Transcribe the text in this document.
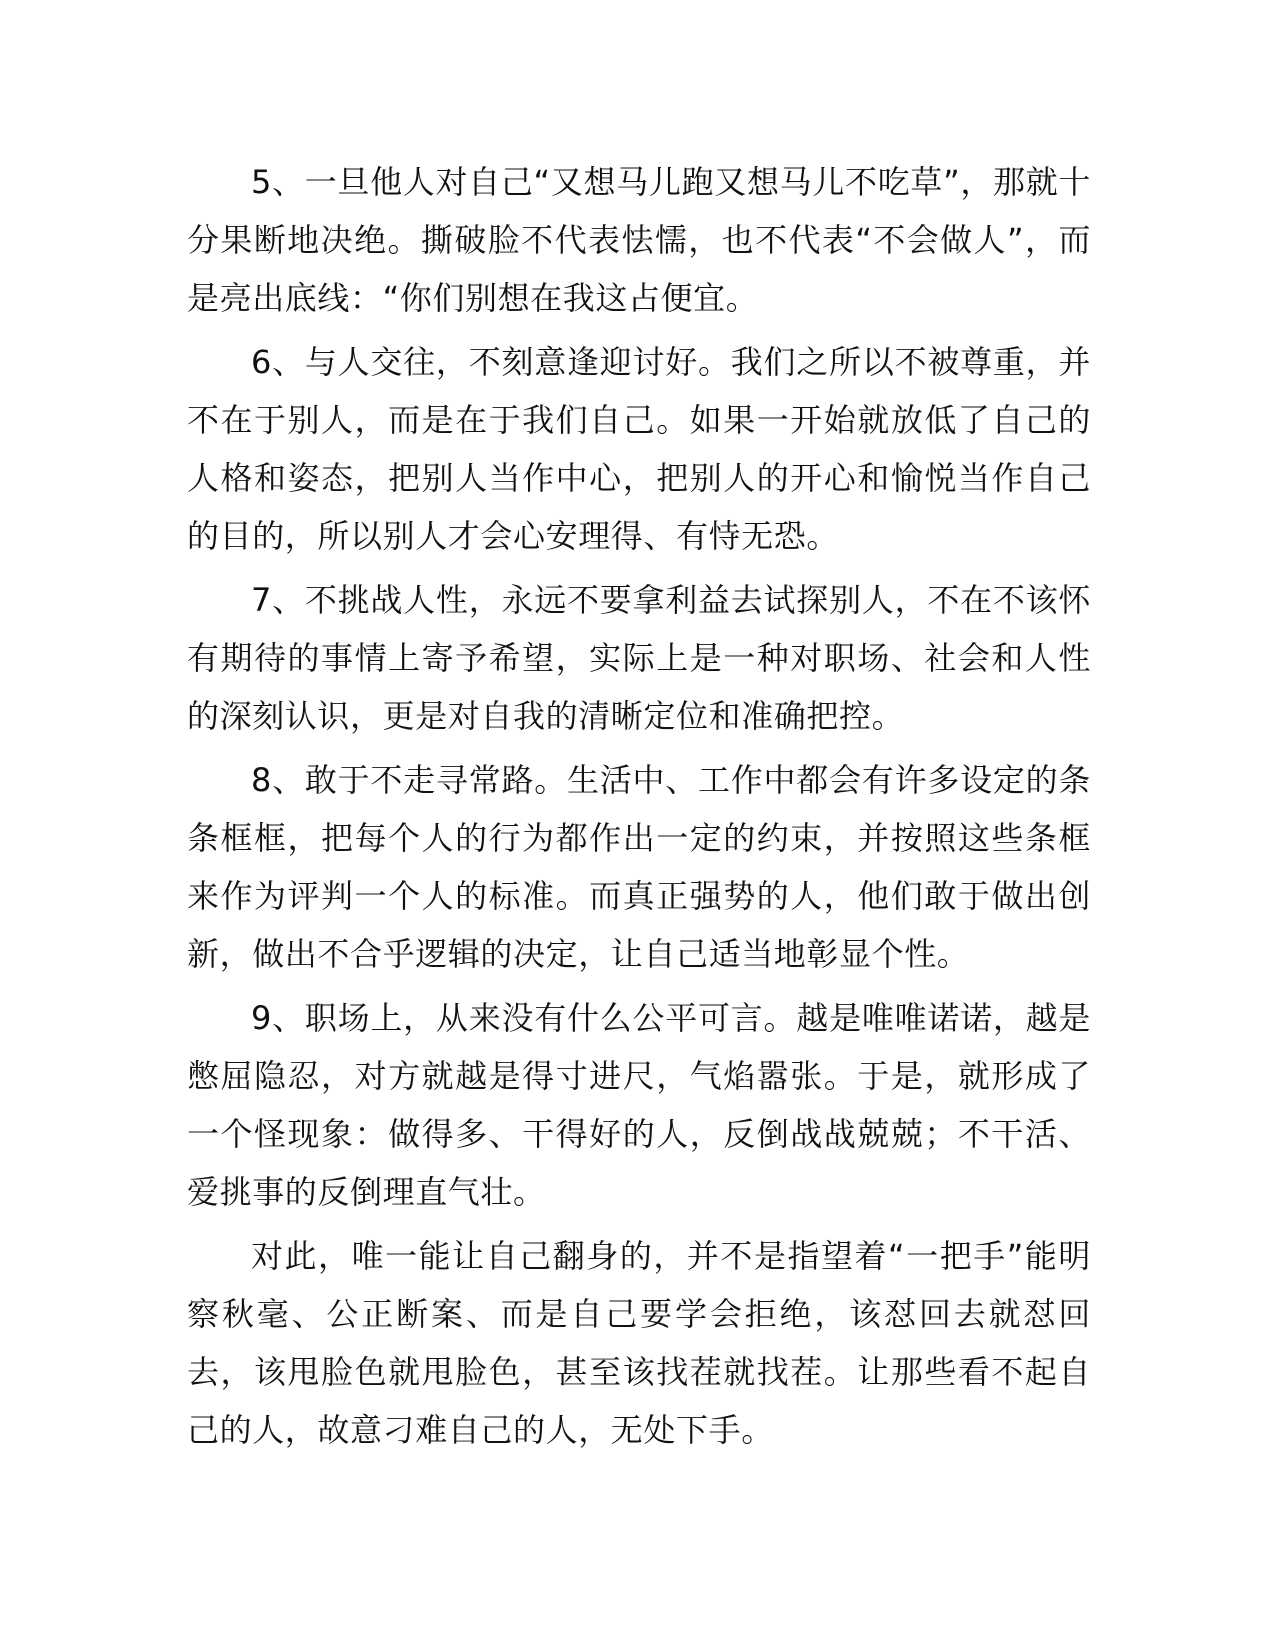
5、一旦他人对自己“又想马儿跑又想马儿不吃草”，那就十分果断地决绝。撕破脸不代表怯懦，也不代表“不会做人”，而是亮出底线：“你们别想在我这占便宜。

6、与人交往，不刻意逢迎讨好。我们之所以不被尊重，并不在于别人，而是在于我们自己。如果一开始就放低了自己的人格和姿态，把别人当作中心，把别人的开心和愉悦当作自己的目的，所以别人才会心安理得、有恃无恐。

7、不挑战人性，永远不要拿利益去试探别人，不在不该怀有期待的事情上寄予希望，实际上是一种对职场、社会和人性的深刻认识，更是对自我的清晰定位和准确把控。

8、敢于不走寻常路。生活中、工作中都会有许多设定的条条框框，把每个人的行为都作出一定的约束，并按照这些条框来作为评判一个人的标准。而真正强势的人，他们敢于做出创新，做出不合乎逻辑的决定，让自己适当地彰显个性。

9、职场上，从来没有什么公平可言。越是唯唯诺诺，越是憋屈隐忍，对方就越是得寸进尺，气焰嚣张。于是，就形成了一个怪现象：做得多、干得好的人，反倒战战兢兢；不干活、爱挑事的反倒理直气壮。

对此，唯一能让自己翻身的，并不是指望着“一把手”能明察秋毫、公正断案、而是自己要学会拒绝，该怼回去就怼回去，该甩脸色就甩脸色，甚至该找茬就找茬。让那些看不起自己的人，故意刁难自己的人，无处下手。
